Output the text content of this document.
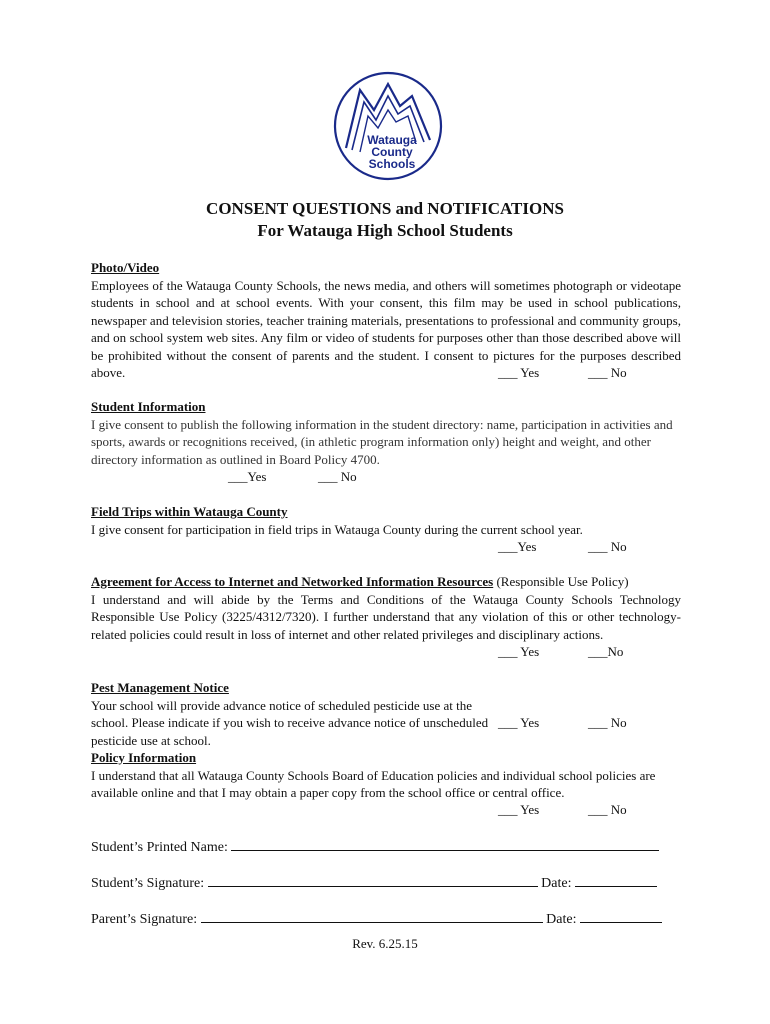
Watauga
County
Schools
CONSENT QUESTIONS and NOTIFICATIONS
For Watauga High School Students
Photo/Video
Employees of the Watauga County Schools, the news media, and others will sometimes photograph or videotape students in school and at school events. With your consent, this film may be used in school publications, newspaper and television stories, teacher training materials, presentations to professional and community groups, and on school system web sites. Any film or video of students for purposes other than those described above will be prohibited without the consent of parents and the student. I consent to pictures for the purposes described above.	___ Yes	___ No
Student Information
I give consent to publish the following information in the student directory: name, participation in activities and sports, awards or recognitions received, (in athletic program information only) height and weight, and other directory information as outlined in Board Policy 4700.
___Yes	___ No
Field Trips within Watauga County
I give consent for participation in field trips in Watauga County during the current school year.
___Yes	___ No
Agreement for Access to Internet and Networked Information Resources (Responsible Use Policy)
I understand and will abide by the Terms and Conditions of the Watauga County Schools Technology Responsible Use Policy (3225/4312/7320). I further understand that any violation of this or other technology-related policies could result in loss of internet and other related privileges and disciplinary actions.
___ Yes	___No
Pest Management Notice
Your school will provide advance notice of scheduled pesticide use at the school. Please indicate if you wish to receive advance notice of unscheduled pesticide use at school.
___ Yes	___ No
Policy Information
I understand that all Watauga County Schools Board of Education policies and individual school policies are available online and that I may obtain a paper copy from the school office or central office.
___ Yes	___ No
Student’s Printed Name:
Student’s Signature:	Date:
Parent’s Signature:	Date:
Rev. 6.25.15
